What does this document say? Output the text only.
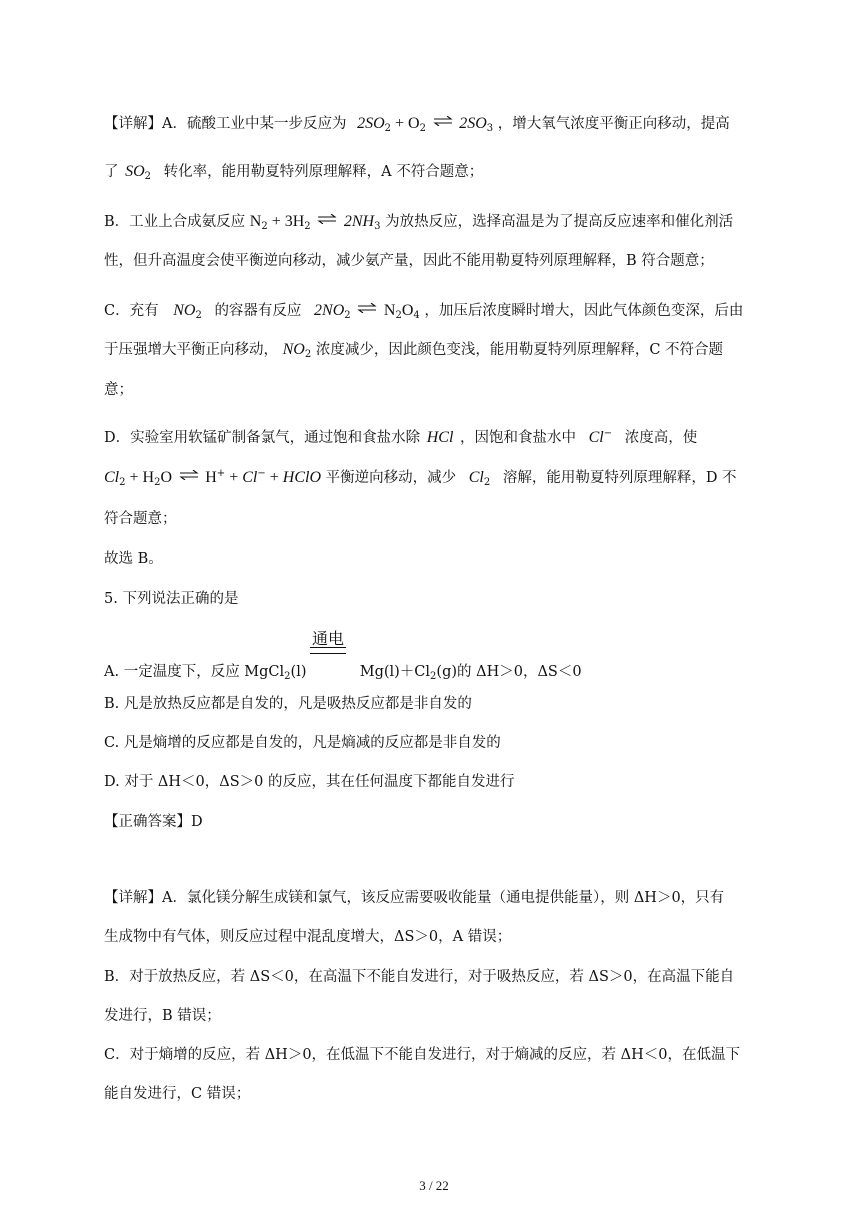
【详解】A．硫酸工业中某一步反应为 $2SO_2 + O_2$ $2SO_3$ ，增大氧气浓度平衡正向移动，提高
了 $SO_2$ 转化率，能用勒夏特列原理解释，A 不符合题意；
B．工业上合成氨反应 $N_2 + 3H_2$ $2NH_3$ 为放热反应，选择高温是为了提高反应速率和催化剂活
性，但升高温度会使平衡逆向移动，减少氨产量，因此不能用勒夏特列原理解释，B 符合题意；
C．充有 $NO_2$ 的容器有反应 $2NO_2$ $N_2O_4$ ，加压后浓度瞬时增大，因此气体颜色变深，后由
于压强增大平衡正向移动， $NO_2$ 浓度减少，因此颜色变浅，能用勒夏特列原理解释，C 不符合题
意；
D．实验室用软锰矿制备氯气，通过饱和食盐水除 HCl ，因饱和食盐水中 Cl− 浓度高，使
$Cl_2 + H_2O$ H+ + Cl− + HClO 平衡逆向移动，减少 $Cl_2$ 溶解，能用勒夏特列原理解释，D 不
符合题意；
故选 B。
5. 下列说法正确的是
通电
A. 一定温度下，反应 MgCl$_2$(l)	$Mg(l)+Cl_2(g)$的 ΔH＞0，ΔS＜0
B. 凡是放热反应都是自发的，凡是吸热反应都是非自发的
C. 凡是熵增的反应都是自发的，凡是熵减的反应都是非自发的
D. 对于 ΔH＜0，ΔS＞0 的反应，其在任何温度下都能自发进行
【正确答案】D
【详解】A．氯化镁分解生成镁和氯气，该反应需要吸收能量（通电提供能量），则 ΔH＞0，只有
生成物中有气体，则反应过程中混乱度增大，ΔS＞0，A 错误；
B．对于放热反应，若 ΔS＜0，在高温下不能自发进行，对于吸热反应，若 ΔS＞0，在高温下能自
发进行，B 错误；
C．对于熵增的反应，若 ΔH＞0，在低温下不能自发进行，对于熵减的反应，若 ΔH＜0，在低温下
能自发进行，C 错误；
3 / 22
